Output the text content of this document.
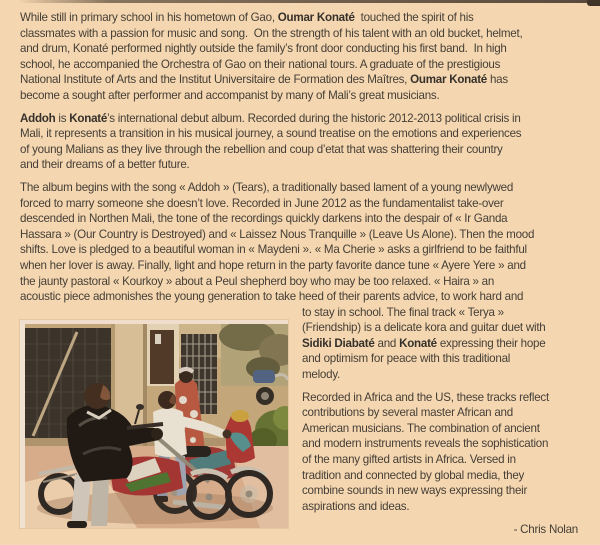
While still in primary school in his hometown of Gao, Oumar Konaté  touched the spirit of his
classmates with a passion for music and song.  On the strength of his talent with an old bucket, helmet,
and drum, Konaté performed nightly outside the family’s front door conducting his first band.  In high
school, he accompanied the Orchestra of Gao on their national tours. A graduate of the prestigious
National Institute of Arts and the Institut Universitaire de Formation des Maîtres, Oumar Konaté has
become a sought after performer and accompanist by many of Mali’s great musicians.
Addoh is Konaté’s international debut album. Recorded during the historic 2012-2013 political crisis in
Mali, it represents a transition in his musical journey, a sound treatise on the emotions and experiences
of young Malians as they live through the rebellion and coup d’etat that was shattering their country
and their dreams of a better future.
The album begins with the song « Addoh » (Tears), a traditionally based lament of a young newlywed
forced to marry someone she doesn’t love. Recorded in June 2012 as the fundamentalist take-over
descended in Northen Mali, the tone of the recordings quickly darkens into the despair of « Ir Ganda
Hassara » (Our Country is Destroyed) and « Laissez Nous Tranquille » (Leave Us Alone). Then the mood
shifts. Love is pledged to a beautiful woman in « Maydeni ». « Ma Cherie » asks a girlfriend to be faithful
when her lover is away. Finally, light and hope return in the party favorite dance tune « Ayere Yere » and
the jaunty pastoral « Kourkoy » about a Peul shepherd boy who may be too relaxed. « Haira » an
acoustic piece admonishes the young generation to take heed of their parents advice, to work hard and
to stay in school. The final track « Terya »
(Friendship) is a delicate kora and guitar duet with
Sidiki Diabaté and Konaté expressing their hope
and optimism for peace with this traditional
melody.
Recorded in Africa and the US, these tracks reflect
contributions by several master African and
American musicians. The combination of ancient
and modern instruments reveals the sophistication
of the many gifted artists in Africa. Versed in
tradition and connected by global media, they
combine sounds in new ways expressing their
aspirations and ideas.
- Chris Nolan
